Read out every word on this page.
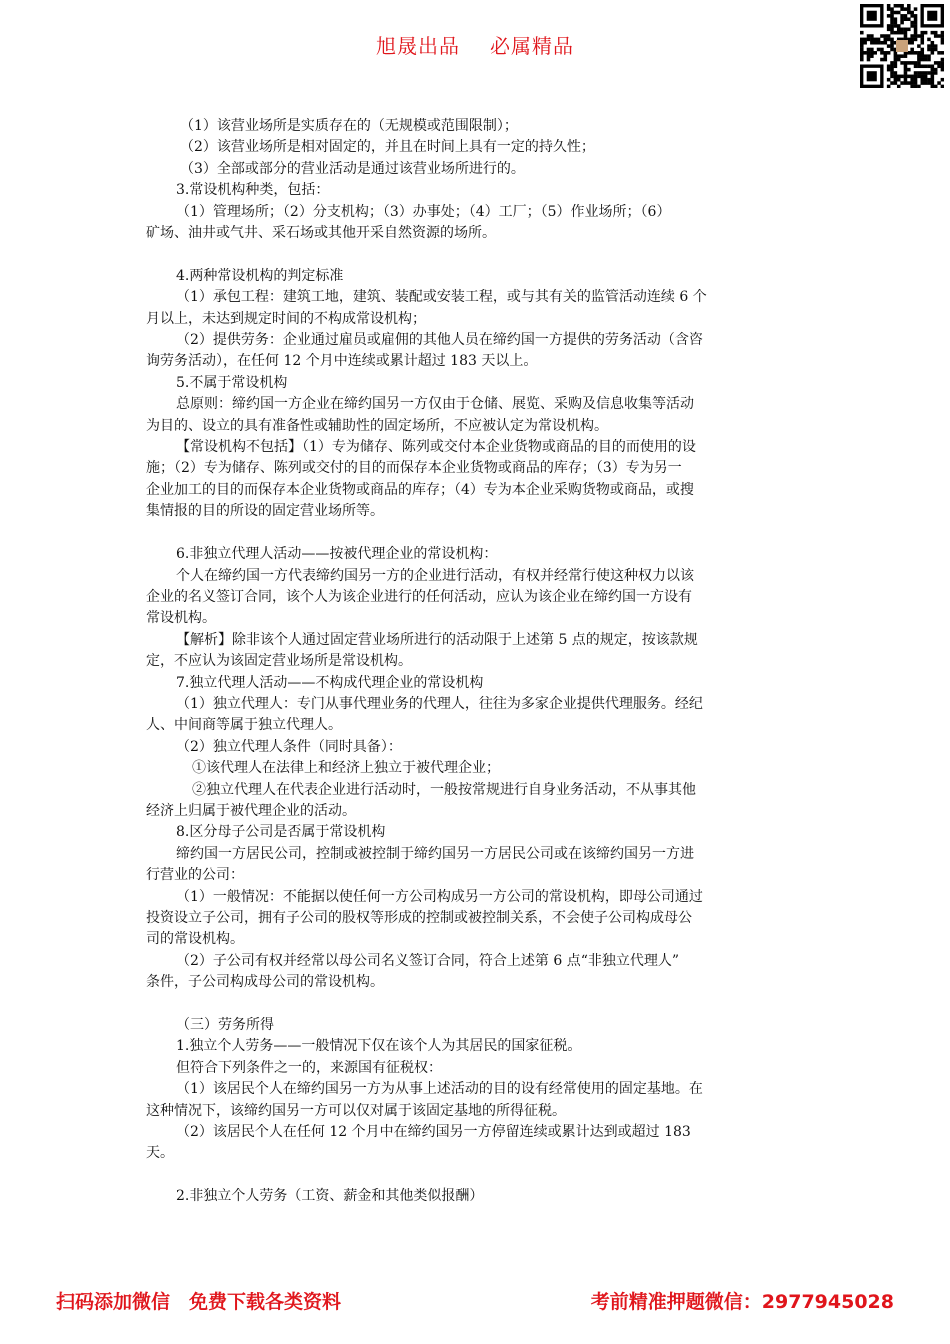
旭晟出品 必属精品
（1）该营业场所是实质存在的（无规模或范围限制）；
（2）该营业场所是相对固定的，并且在时间上具有一定的持久性；
（3）全部或部分的营业活动是通过该营业场所进行的。
3.常设机构种类，包括：
（1）管理场所；（2）分支机构；（3）办事处；（4）工厂；（5）作业场所；（6）
矿场、油井或气井、采石场或其他开采自然资源的场所。
4.两种常设机构的判定标准
（1）承包工程：建筑工地，建筑、装配或安装工程，或与其有关的监管活动连续 6 个
月以上，未达到规定时间的不构成常设机构；
（2）提供劳务：企业通过雇员或雇佣的其他人员在缔约国一方提供的劳务活动（含咨
询劳务活动），在任何 12 个月中连续或累计超过 183 天以上。
5.不属于常设机构
总原则：缔约国一方企业在缔约国另一方仅由于仓储、展览、采购及信息收集等活动
为目的、设立的具有准备性或辅助性的固定场所，不应被认定为常设机构。
【常设机构不包括】（1）专为储存、陈列或交付本企业货物或商品的目的而使用的设
施；（2）专为储存、陈列或交付的目的而保存本企业货物或商品的库存；（3）专为另一
企业加工的目的而保存本企业货物或商品的库存；（4）专为本企业采购货物或商品，或搜
集情报的目的所设的固定营业场所等。
6.非独立代理人活动——按被代理企业的常设机构：
个人在缔约国一方代表缔约国另一方的企业进行活动，有权并经常行使这种权力以该
企业的名义签订合同，该个人为该企业进行的任何活动，应认为该企业在缔约国一方设有
常设机构。
【解析】除非该个人通过固定营业场所进行的活动限于上述第 5 点的规定，按该款规
定，不应认为该固定营业场所是常设机构。
7.独立代理人活动——不构成代理企业的常设机构
（1）独立代理人：专门从事代理业务的代理人，往往为多家企业提供代理服务。经纪
人、中间商等属于独立代理人。
（2）独立代理人条件（同时具备）：
①该代理人在法律上和经济上独立于被代理企业；
②独立代理人在代表企业进行活动时，一般按常规进行自身业务活动，不从事其他
经济上归属于被代理企业的活动。
8.区分母子公司是否属于常设机构
缔约国一方居民公司，控制或被控制于缔约国另一方居民公司或在该缔约国另一方进
行营业的公司：
（1）一般情况：不能据以使任何一方公司构成另一方公司的常设机构，即母公司通过
投资设立子公司，拥有子公司的股权等形成的控制或被控制关系，不会使子公司构成母公
司的常设机构。
（2）子公司有权并经常以母公司名义签订合同，符合上述第 6 点“非独立代理人”
条件，子公司构成母公司的常设机构。
（三）劳务所得
1.独立个人劳务——一般情况下仅在该个人为其居民的国家征税。
但符合下列条件之一的，来源国有征税权：
（1）该居民个人在缔约国另一方为从事上述活动的目的设有经常使用的固定基地。在
这种情况下，该缔约国另一方可以仅对属于该固定基地的所得征税。
（2）该居民个人在任何 12 个月中在缔约国另一方停留连续或累计达到或超过 183
天。
2.非独立个人劳务（工资、薪金和其他类似报酬）
扫码添加微信　免费下载各类资料	考前精准押题微信：2977945028
